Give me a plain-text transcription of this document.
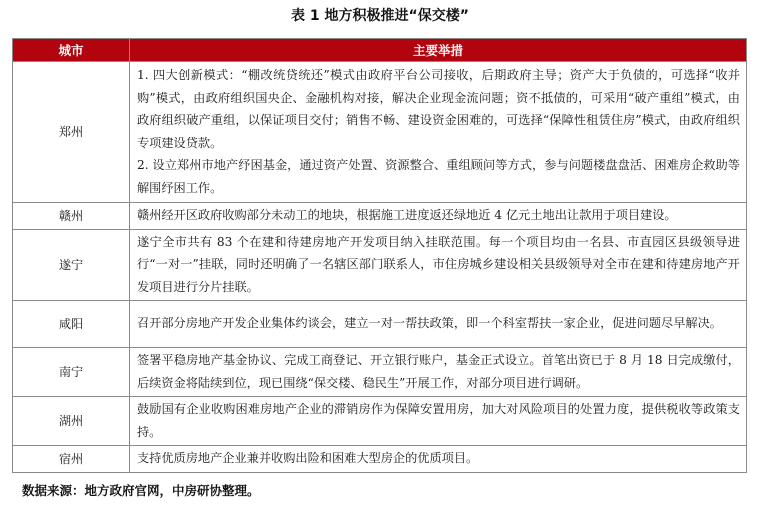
表 1 地方积极推进“保交楼”
城市	主要举措
郑州	1. 四大创新模式：“棚改统贷统还”模式由政府平台公司接收，后期政府主导；资产大于负债的，可选择“收并购”模式，由政府组织国央企、金融机构对接，解决企业现金流问题；资不抵债的，可采用“破产重组”模式，由政府组织破产重组，以保证项目交付；销售不畅、建设资金困难的，可选择“保障性租赁住房”模式，由政府组织专项建设贷款。

2. 设立郑州市地产纾困基金，通过资产处置、资源整合、重组顾问等方式，参与问题楼盘盘活、困难房企救助等解围纾困工作。

赣州	赣州经开区政府收购部分未动工的地块，根据施工进度返还绿地近 4 亿元土地出让款用于项目建设。

遂宁	遂宁全市共有 83 个在建和待建房地产开发项目纳入挂联范围。每一个项目均由一名县、市直园区县级领导进行“一对一”挂联，同时还明确了一名辖区部门联系人，市住房城乡建设相关县级领导对全市在建和待建房地产开发项目进行分片挂联。

咸阳	召开部分房地产开发企业集体约谈会，建立一对一帮扶政策，即一个科室帮扶一家企业，促进问题尽早解决。

南宁	签署平稳房地产基金协议、完成工商登记、开立银行账户，基金正式设立。首笔出资已于 8 月 18 日完成缴付，后续资金将陆续到位，现已围绕“保交楼、稳民生”开展工作，对部分项目进行调研。

湖州	鼓励国有企业收购困难房地产企业的滞销房作为保障安置用房，加大对风险项目的处置力度，提供税收等政策支持。

宿州	支持优质房地产企业兼并收购出险和困难大型房企的优质项目。

数据来源：地方政府官网，中房研协整理。
